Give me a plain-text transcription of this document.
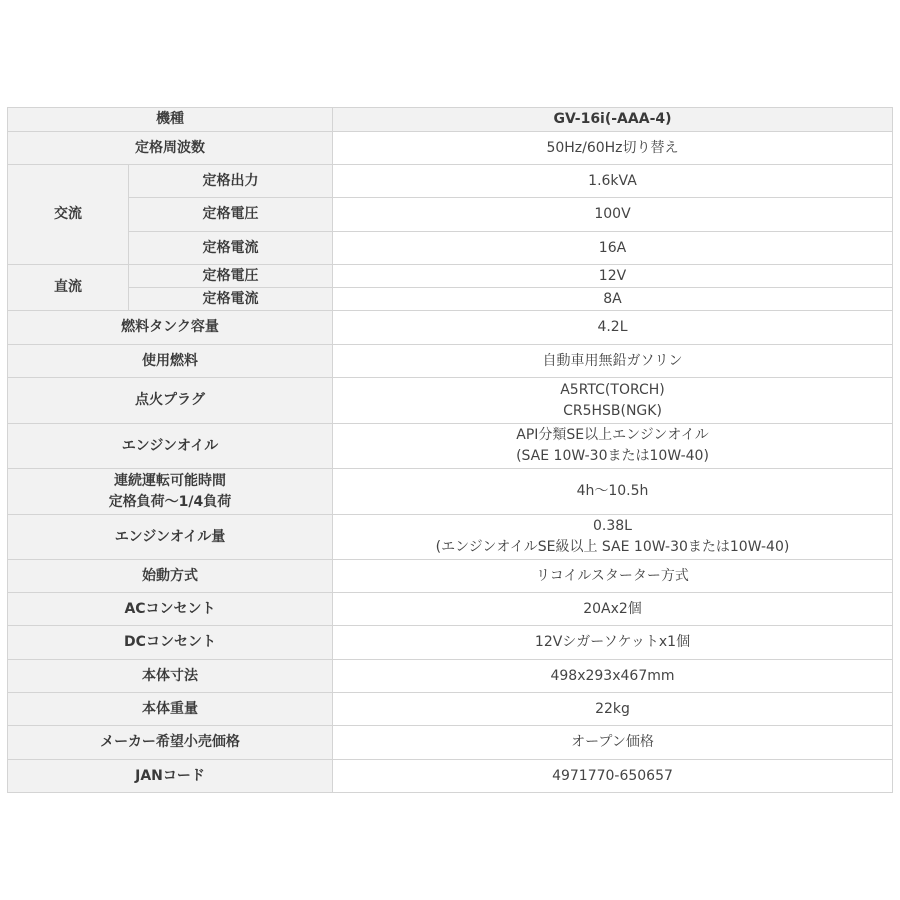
機種		GV-16i(-AAA-4)
定格周波数		50Hz/60Hz切り替え
交流	定格出力	1.6kVA
	定格電圧	100V
	定格電流	16A
直流	定格電圧	12V
	定格電流	8A
燃料タンク容量		4.2L
使用燃料		自動車用無鉛ガソリン
点火プラグ		A5RTC(TORCH)
CR5HSB(NGK)

エンジンオイル		API分類SE以上エンジンオイル
(SAE 10W-30または10W-40)

連続運転可能時間
定格負荷〜1/4負荷		4h〜10.5h
エンジンオイル量		0.38L
(エンジンオイルSE級以上 SAE 10W-30または10W-40)

始動方式		リコイルスターター方式
ACコンセント		20Ax2個
DCコンセント		12Vシガーソケットx1個
本体寸法		498x293x467mm
本体重量		22kg
メーカー希望小売価格		オープン価格
JANコード		4971770-650657
